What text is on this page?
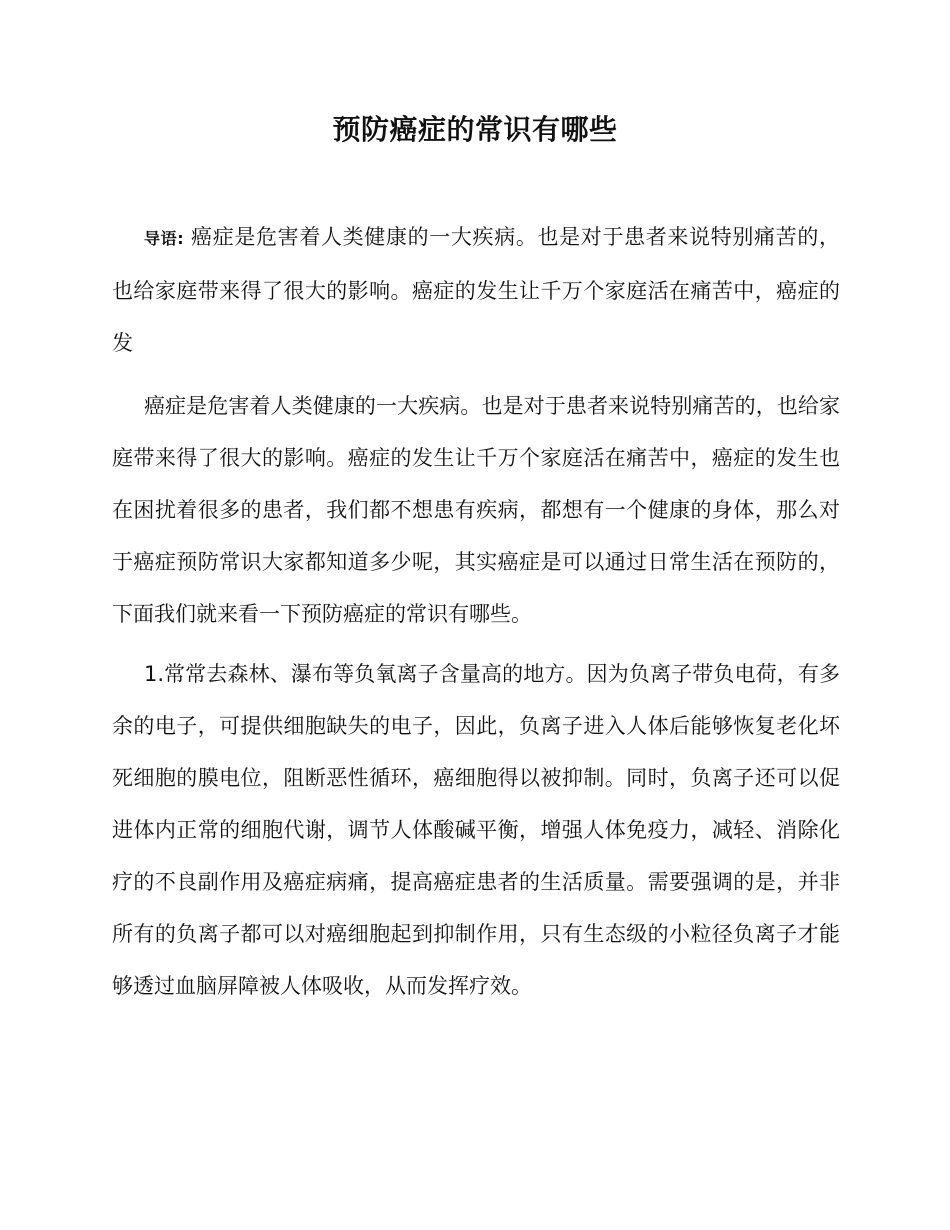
预防癌症的常识有哪些

导语: 癌症是危害着人类健康的一大疾病。也是对于患者来说特别痛苦的，也给家庭带来得了很大的影响。癌症的发生让千万个家庭活在痛苦中，癌症的发

癌症是危害着人类健康的一大疾病。也是对于患者来说特别痛苦的，也给家庭带来得了很大的影响。癌症的发生让千万个家庭活在痛苦中，癌症的发生也在困扰着很多的患者，我们都不想患有疾病，都想有一个健康的身体，那么对于癌症预防常识大家都知道多少呢，其实癌症是可以通过日常生活在预防的，下面我们就来看一下预防癌症的常识有哪些。

1.常常去森林、瀑布等负氧离子含量高的地方。因为负离子带负电荷，有多余的电子，可提供细胞缺失的电子，因此，负离子进入人体后能够恢复老化坏死细胞的膜电位，阻断恶性循环，癌细胞得以被抑制。同时，负离子还可以促进体内正常的细胞代谢，调节人体酸碱平衡，增强人体免疫力，减轻、消除化疗的不良副作用及癌症病痛，提高癌症患者的生活质量。需要强调的是，并非所有的负离子都可以对癌细胞起到抑制作用，只有生态级的小粒径负离子才能够透过血脑屏障被人体吸收，从而发挥疗效。
